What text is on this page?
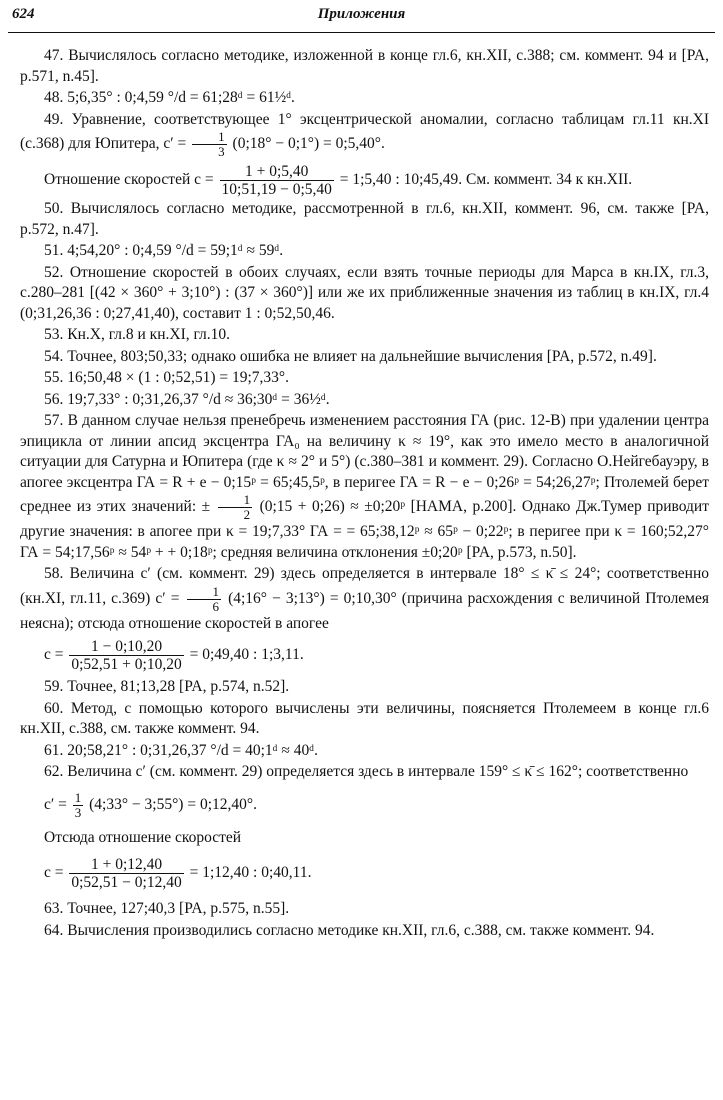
Приложения
624

47. Вычислялось согласно методике, изложенной в конце гл.6, кн.XII, с.388; см. коммент. 94 и [PA, p.571, n.45].

48. 5;6,35° : 0;4,59 °/d = 61;28ᵈ = 61½ᵈ.

49. Уравнение, соответствующее 1° эксцентрической аномалии, согласно таблицам гл.11 кн.XI (с.368) для Юпитера, $c' = \frac{1}{3}$ (0;18° − 0;1°) = 0;5,40°.

Отношение скоростей $c = \frac{1 + 0;5,40}{10;51,19 - 0;5,40}$ = 1;5,40 : 10;45,49. См. коммент. 34 к кн.XII.

50. Вычислялось согласно методике, рассмотренной в гл.6, кн.XII, коммент. 96, см. также [PA, p.572, n.47].

51. 4;54,20° : 0;4,59 °/d = 59;1ᵈ ≈ 59ᵈ.

52. Отношение скоростей в обоих случаях, если взять точные периоды для Марса в кн.IX, гл.3, с.280–281 [(42 × 360° + 3;10°) : (37 × 360°)] или же их приближенные значения из таблиц в кн.IX, гл.4 (0;31,26,36 : 0;27,41,40), составит 1 : 0;52,50,46.

53. Кн.X, гл.8 и кн.XI, гл.10.

54. Точнее, 803;50,33; однако ошибка не влияет на дальнейшие вычисления [PA, p.572, n.49].

55. 16;50,48 × (1 : 0;52,51) = 19;7,33°.

56. 19;7,33° : 0;31,26,37 °/d ≈ 36;30ᵈ = 36½ᵈ.

57. В данном случае нельзя пренебречь изменением расстояния ГА (рис. 12-В) при удалении центра эпицикла от линии апсид эксцентра ГА₀ на величину κ ≈ 19°, как это имело место в аналогичной ситуации для Сатурна и Юпитера (где κ ≈ 2° и 5°) (с.380–381 и коммент. 29). Согласно О.Нейгебауэру, в апогее эксцентра ГА = R + e − 0;15ᵖ = 65;45,5ᵖ, в перигее ГА = R − e − 0;26ᵖ = 54;26,27ᵖ; Птолемей берет среднее из этих значений: ± $\frac{1}{2}$ (0;15 + 0;26) ≈ ±0;20ᵖ [HAMA, p.200]. Однако Дж.Тумер приводит другие значения: в апогее при κ = 19;7,33° ГА = = 65;38,12ᵖ ≈ 65ᵖ − 0;22ᵖ; в перигее при κ = 160;52,27° ГА = 54;17,56ᵖ ≈ 54ᵖ + + 0;18ᵖ; средняя величина отклонения ±0;20ᵖ [PA, p.573, n.50].

58. Величина c′ (см. коммент. 29) здесь определяется в интервале 18° ≤ κ̄ ≤ 24°; соответственно (кн.XI, гл.11, с.369) $c' = \frac{1}{6}$ (4;16° − 3;13°) = 0;10,30° (причина расхождения с величиной Птолемея неясна); отсюда отношение скоростей в апогее

$c = \frac{1 - 0;10,20}{0;52,51 + 0;10,20}$ = 0;49,40 : 1;3,11.

59. Точнее, 81;13,28 [PA, p.574, n.52].

60. Метод, с помощью которого вычислены эти величины, поясняется Птолемеем в конце гл.6 кн.XII, с.388, см. также коммент. 94.

61. 20;58,21° : 0;31,26,37 °/d = 40;1ᵈ ≈ 40ᵈ.

62. Величина c′ (см. коммент. 29) определяется здесь в интервале 159° ≤ κ̄ ≤ 162°; соответственно

$c' = \frac{1}{3}$ (4;33° − 3;55°) = 0;12,40°.

Отсюда отношение скоростей

$c = \frac{1 + 0;12,40}{0;52,51 - 0;12,40}$ = 1;12,40 : 0;40,11.

63. Точнее, 127;40,3 [PA, p.575, n.55].

64. Вычисления производились согласно методике кн.XII, гл.6, с.388, см. также коммент. 94.
